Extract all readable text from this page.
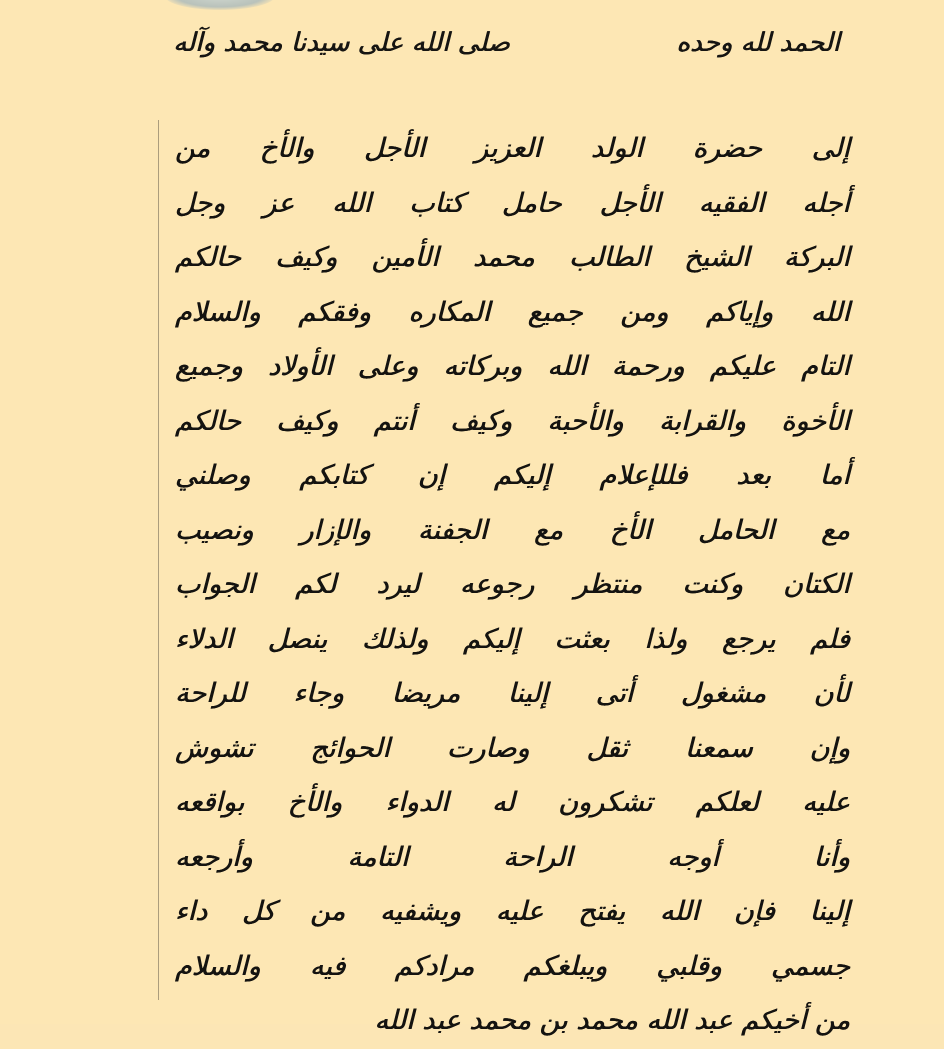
الحمد لله وحده
صلى الله على سيدنا محمد وآله
إلى حضرة الولد العزيز الأجل والأخ من
أجله الفقيه الأجل حامل كتاب الله عز وجل
البركة الشيخ الطالب محمد الأمين وكيف حالكم
الله وإياكم ومن جميع المكاره وفقكم والسلام
التام عليكم ورحمة الله وبركاته وعلى الأولاد وجميع
الأخوة والقرابة والأحبة وكيف أنتم وكيف حالكم
أما بعد فللإعلام إليكم إن كتابكم وصلني
مع الحامل الأخ مع الجفنة والإزار ونصيب
الكتان وكنت منتظر رجوعه ليرد لكم الجواب
فلم يرجع ولذا بعثت إليكم ولذلك ينصل الدلاء
لأن مشغول أتى إلينا مريضا وجاء للراحة
وإن سمعنا ثقل وصارت الحوائج تشوش
عليه لعلكم تشكرون له الدواء والأخ بواقعه
وأنا أوجه الراحة التامة وأرجعه
إلينا فإن الله يفتح عليه ويشفيه من كل داء
جسمي وقلبي ويبلغكم مرادكم فيه والسلام
من أخيكم عبد الله محمد بن محمد عبد الله
